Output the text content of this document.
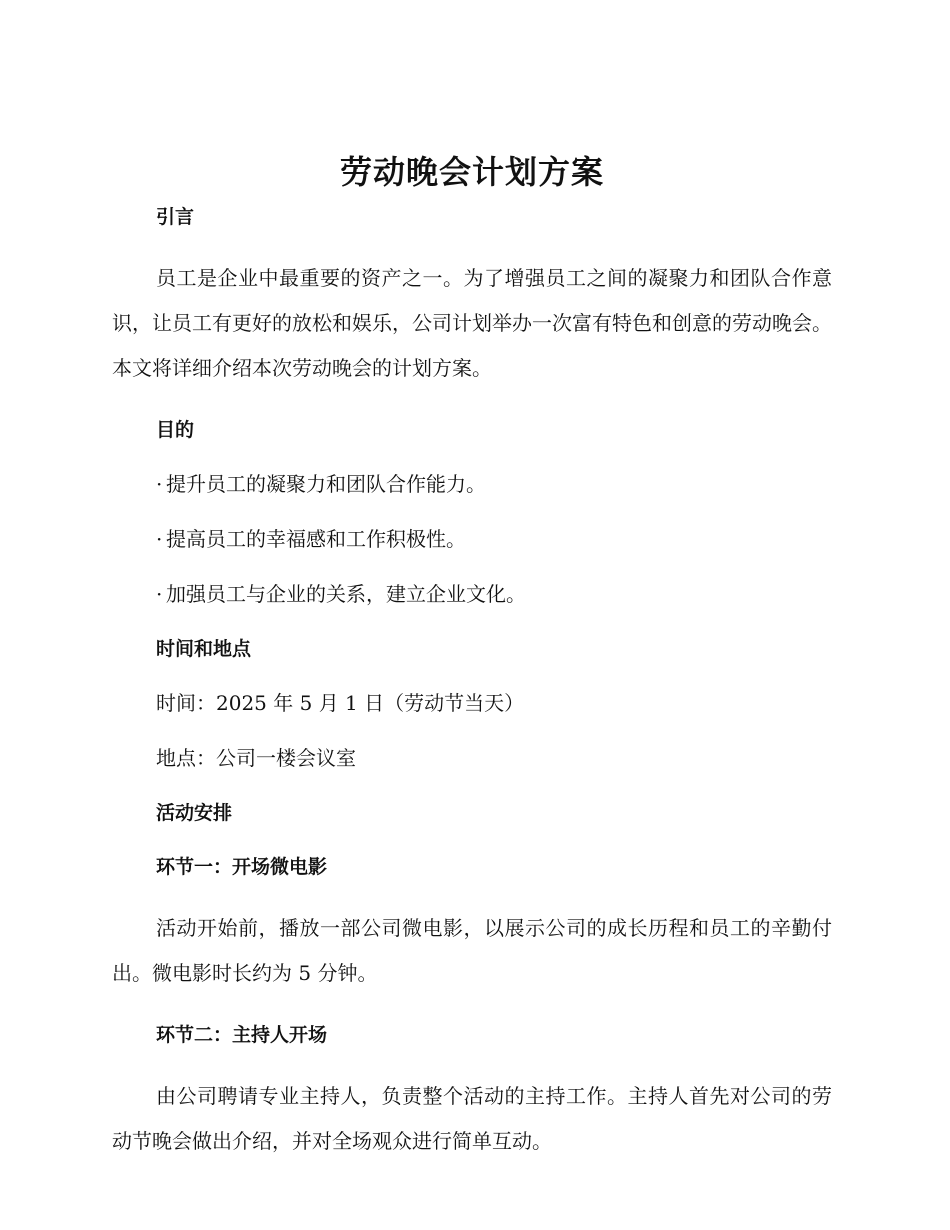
劳动晚会计划方案
引言
员工是企业中最重要的资产之一。为了增强员工之间的凝聚力和团队合作意识，让员工有更好的放松和娱乐，公司计划举办一次富有特色和创意的劳动晚会。本文将详细介绍本次劳动晚会的计划方案。
目的
· 提升员工的凝聚力和团队合作能力。
· 提高员工的幸福感和工作积极性。
· 加强员工与企业的关系，建立企业文化。
时间和地点
时间：2025 年 5 月 1 日（劳动节当天）
地点：公司一楼会议室
活动安排
环节一：开场微电影
活动开始前，播放一部公司微电影，以展示公司的成长历程和员工的辛勤付出。微电影时长约为 5 分钟。
环节二：主持人开场
由公司聘请专业主持人，负责整个活动的主持工作。主持人首先对公司的劳动节晚会做出介绍，并对全场观众进行简单互动。
